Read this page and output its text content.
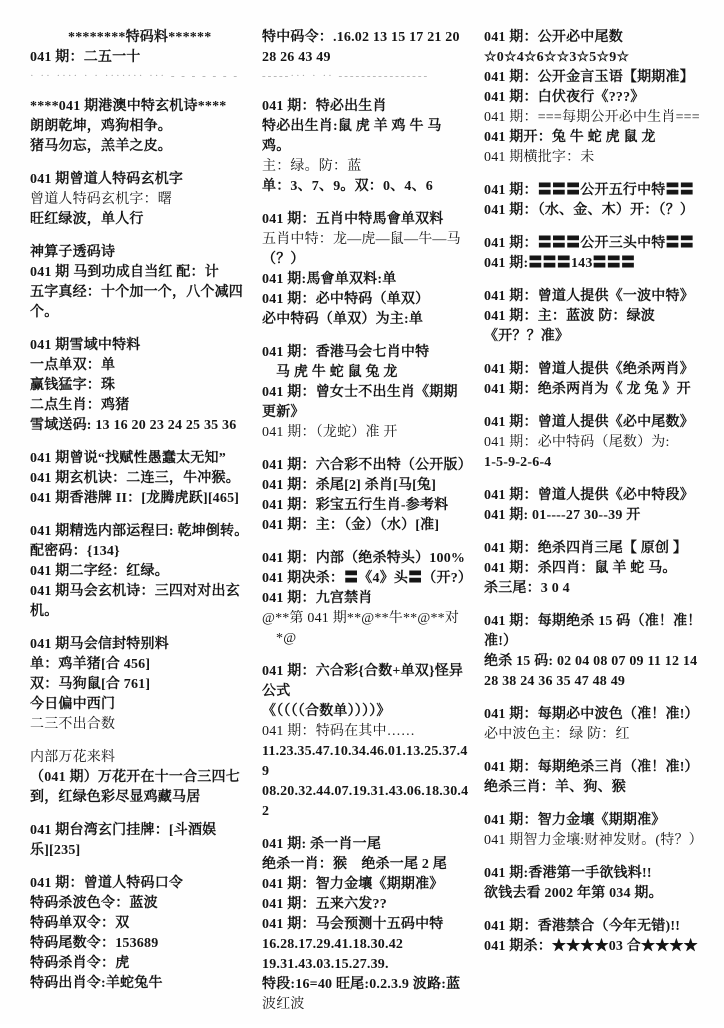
********特码料******

041 期：二五一十

· ·· ···· · · ······· ··· - - - - - - -

****041 期港澳中特玄机诗****

朗朗乾坤，鸡狗相争。

猪马勿忘，羔羊之皮。

041 期曾道人特码玄机字

曾道人特码玄机字：曙

旺红绿波，单人行

神算子透码诗

041 期 马到功成自当红 配：计

五字真经：十个加一个，八个减四

个。

041 期雪域中特料

一点单双：单

赢钱猛字：珠

二点生肖：鸡猪

雪域送码: 13 16 20 23 24 25 35 36

041 期曾说“找赋性愚蠢太无知”

041 期玄机诀：二连三，牛冲猴。

041 期香港牌 II：[龙腾虎跃][465]

041 期精选内部运程曰: 乾坤倒转。

配密码：{134}

041 期二字经：红绿。

041 期马会玄机诗：三四对对出玄

机。

041 期马会信封特别料

单：鸡羊猪[合 456]

双：马狗鼠[合 761]

今日偏中西门

二三不出合数

内部万花来料

（041 期）万花开在十一合三四七

到，红绿色彩尽显鸡藏马居

041 期台湾玄门挂牌：[斗酒娱

乐][235]

041 期：曾道人特码口令

特码杀波色令：蓝波

特码单双令：双

特码尾数令：153689

特码杀肖令：虎

特码出肖令:羊蛇兔牛

特中码令：.16.02 13 15 17 21 20

28 26 43 49

-----··· · ·· ----------------

041 期：特必出生肖

特必出生肖:鼠 虎 羊 鸡 牛 马

鸡。

主：绿。防：蓝

单：3、7、9。双：0、4、6

041 期：五肖中特馬會单双料

五肖中特：龙—虎—鼠—牛—马

（？）

041 期:馬會单双料:单

041 期：必中特码（单双）

必中特码（单双）为主:单

041 期：香港马会七肖中特

马 虎 牛 蛇 鼠 兔 龙

041 期：曾女士不出生肖《期期

更新》

041 期：（龙蛇）准 开

041 期：六合彩不出特（公开版）

041 期：杀尾[2] 杀肖[马[兔]

041 期：彩宝五行生肖-参考料

041 期：主：（金）（水）[准]

041 期：内部（绝杀特头）100%

041 期决杀：〓《4》头〓（开?）

041 期：九宫禁肖

@**第 041 期**@**牛**@**对

*@

041 期：六合彩{合数+单双}怪异

公式

《（（（（合数单））））》

041 期：特码在其中……

11.23.35.47.10.34.46.01.13.25.37.4

9

08.20.32.44.07.19.31.43.06.18.30.4

2

041 期: 杀一肖一尾

绝杀一肖：猴　绝杀一尾 2 尾

041 期：智力金壤《期期准》

041 期：五来六发??

041 期：马会预测十五码中特

16.28.17.29.41.18.30.42

19.31.43.03.15.27.39.

特段:16=40 旺尾:0.2.3.9 波路:蓝

波红波

041 期：公开必中尾数

☆0☆4☆6☆☆3☆5☆9☆

041 期：公开金言玉语【期期准】

041 期：白伏夜行《???》

041 期：===每期公开必中生肖===

041 期开：兔 牛 蛇 虎 鼠 龙

041 期横批字：未

041 期：〓〓〓公开五行中特〓〓

041 期：（水、金、木）开：（？）

041 期：〓〓〓公开三头中特〓〓

041 期:〓〓〓143〓〓〓

041 期：曾道人提供《一波中特》

041 期：主：蓝波 防：绿波

《开？？准》

041 期：曾道人提供《绝杀两肖》

041 期：绝杀两肖为《 龙 兔 》开

041 期：曾道人提供《必中尾数》

041 期：必中特码（尾数）为:

1-5-9-2-6-4

041 期：曾道人提供《必中特段》

041 期: 01----27 30--39 开

041 期：绝杀四肖三尾【 原创 】

041 期：杀四肖：鼠 羊 蛇 马。

杀三尾：3 0 4

041 期：每期绝杀 15 码（准！准！

准!）

绝杀 15 码: 02 04 08 07 09 11 12 14

28 38 24 36 35 47 48 49

041 期：每期必中波色（准！准!）

必中波色主：绿 防：红

041 期：每期绝杀三肖（准！准!）

绝杀三肖：羊、狗、猴

041 期：智力金壤《期期准》

041 期智力金壤:财神发财。(特？）

041 期:香港第一手欲钱料!!

欲钱去看 2002 年第 034 期。

041 期：香港禁合（今年无错)!!

041 期杀：★★★★03 合★★★★
